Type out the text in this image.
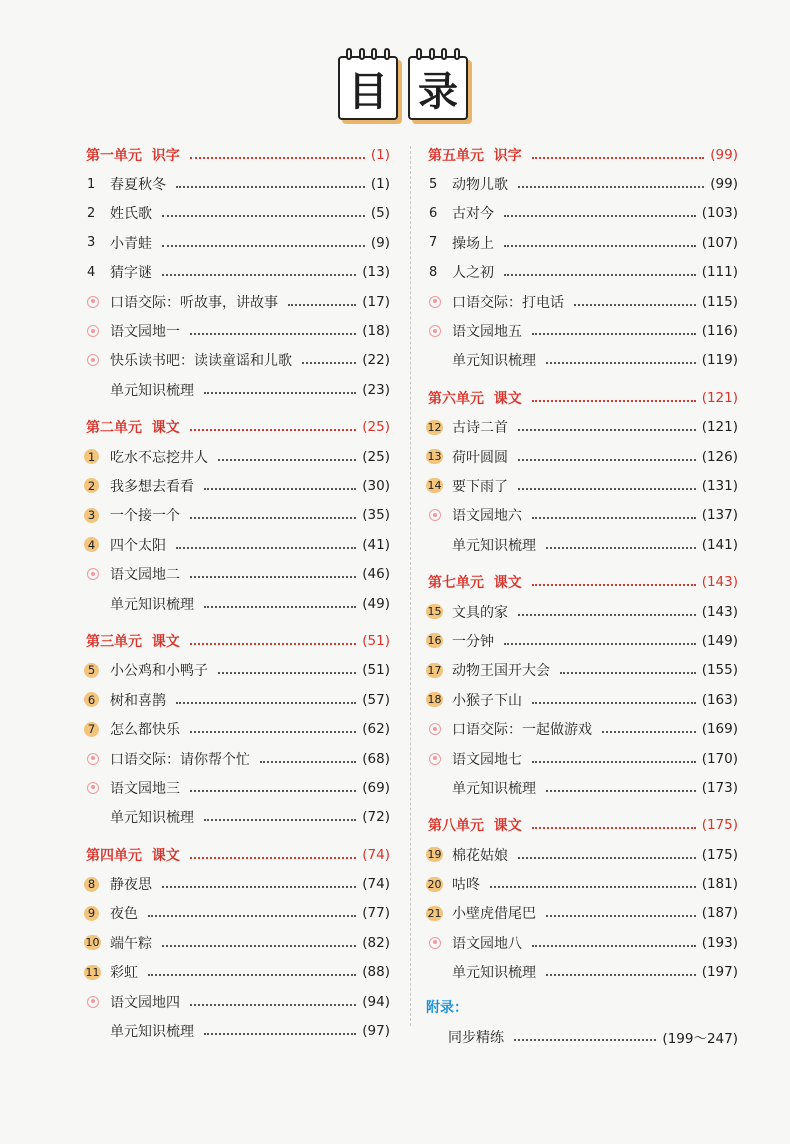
目 录
第一单元 识字	(1)
1 春夏秋冬	(1)
2 姓氏歌	(5)
3 小青蛙	(9)
4 猜字谜	(13)
口语交际：听故事，讲故事	(17)
语文园地一	(18)
快乐读书吧：读读童谣和儿歌	(22)
单元知识梳理	(23)
第二单元 课文	(25)
1 吃水不忘挖井人	(25)
2 我多想去看看	(30)
3 一个接一个	(35)
4 四个太阳	(41)
语文园地二	(46)
单元知识梳理	(49)
第三单元 课文	(51)
5 小公鸡和小鸭子	(51)
6 树和喜鹊	(57)
7 怎么都快乐	(62)
口语交际：请你帮个忙	(68)
语文园地三	(69)
单元知识梳理	(72)
第四单元 课文	(74)
8 静夜思	(74)
9 夜色	(77)
10 端午粽	(82)
11 彩虹	(88)
语文园地四	(94)
单元知识梳理	(97)
第五单元 识字	(99)
5 动物儿歌	(99)
6 古对今	(103)
7 操场上	(107)
8 人之初	(111)
口语交际：打电话	(115)
语文园地五	(116)
单元知识梳理	(119)
第六单元 课文	(121)
12 古诗二首	(121)
13 荷叶圆圆	(126)
14 要下雨了	(131)
语文园地六	(137)
单元知识梳理	(141)
第七单元 课文	(143)
15 文具的家	(143)
16 一分钟	(149)
17 动物王国开大会	(155)
18 小猴子下山	(163)
口语交际：一起做游戏	(169)
语文园地七	(170)
单元知识梳理	(173)
第八单元 课文	(175)
19 棉花姑娘	(175)
20 咕咚	(181)
21 小壁虎借尾巴	(187)
语文园地八	(193)
单元知识梳理	(197)
附录：
同步精练	(199～247)
